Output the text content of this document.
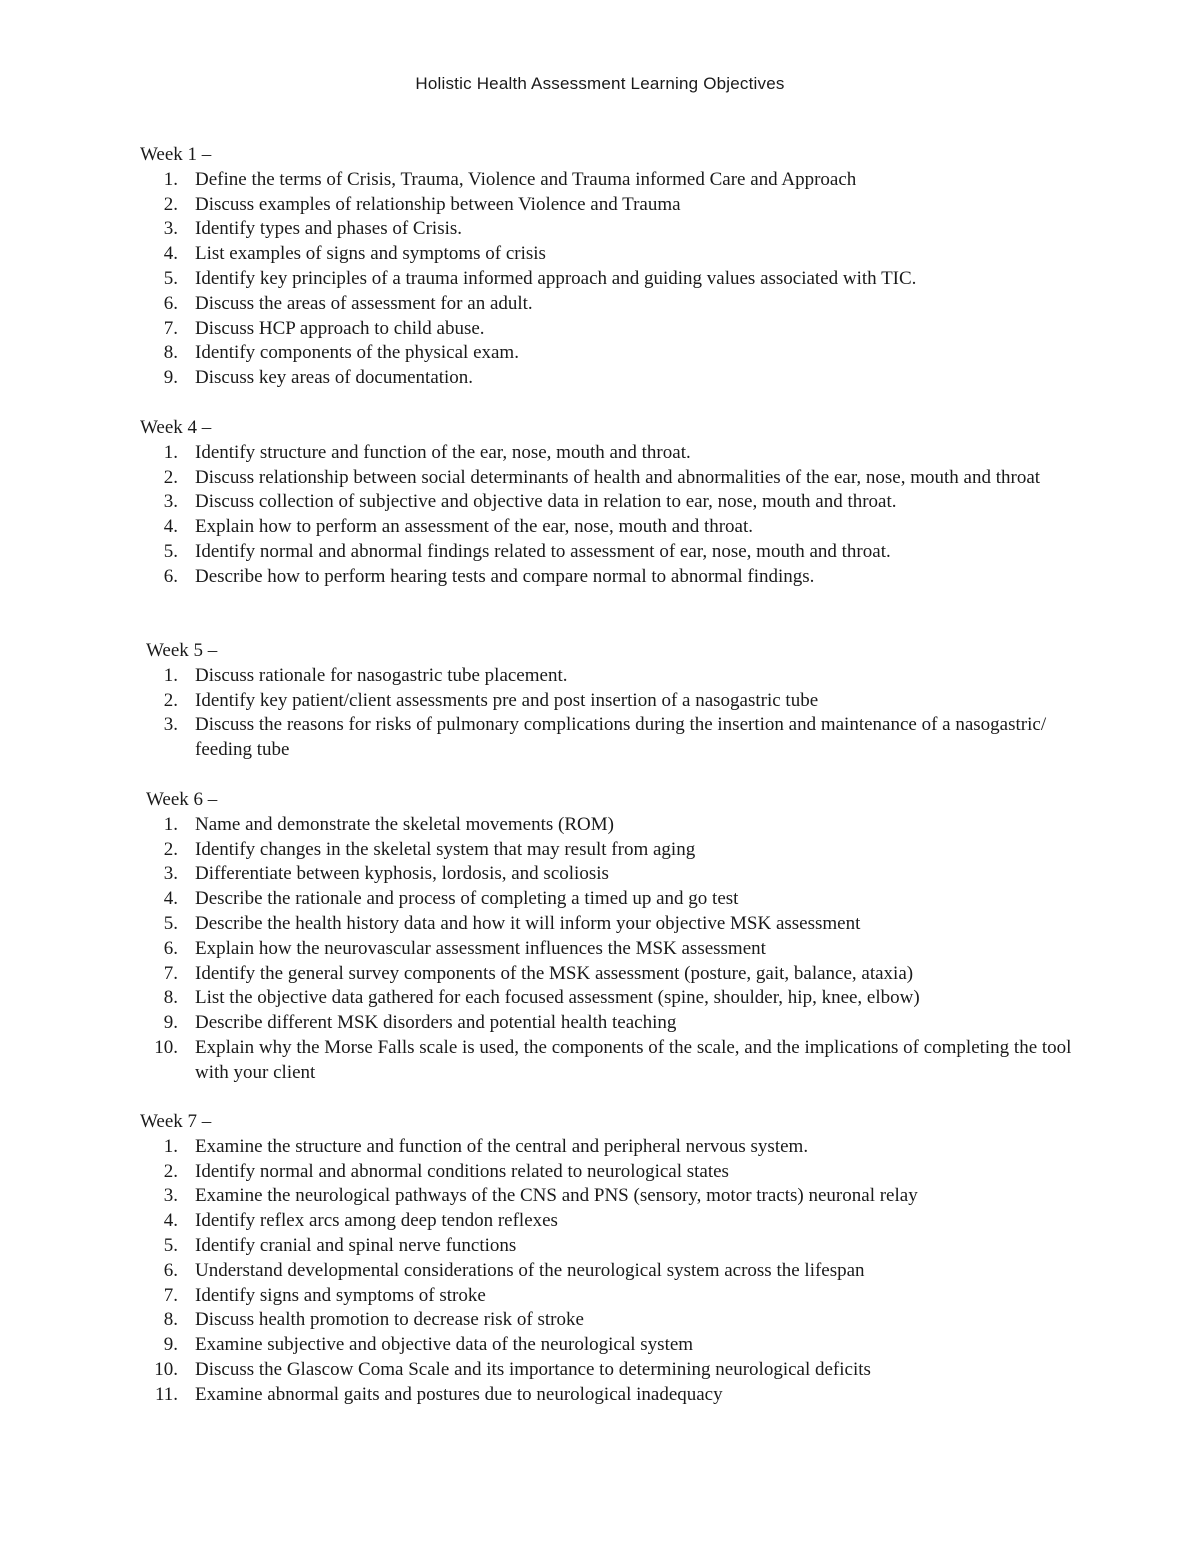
Holistic Health Assessment Learning Objectives

Week 1 –

1. Define the terms of Crisis, Trauma, Violence and Trauma informed Care and Approach
2. Discuss examples of relationship between Violence and Trauma
3. Identify types and phases of Crisis.
4. List examples of signs and symptoms of crisis
5. Identify key principles of a trauma informed approach and guiding values associated with TIC.
6. Discuss the areas of assessment for an adult.
7. Discuss HCP approach to child abuse.
8. Identify components of the physical exam.
9. Discuss key areas of documentation.

Week 4 –

1. Identify structure and function of the ear, nose, mouth and throat.
2. Discuss relationship between social determinants of health and abnormalities of the ear, nose, mouth and throat
3. Discuss collection of subjective and objective data in relation to ear, nose, mouth and throat.
4. Explain how to perform an assessment of the ear, nose, mouth and throat.
5. Identify normal and abnormal findings related to assessment of ear, nose, mouth and throat.
6. Describe how to perform hearing tests and compare normal to abnormal findings.

Week 5 –

1. Discuss rationale for nasogastric tube placement.
2. Identify key patient/client assessments pre and post insertion of a nasogastric tube
3. Discuss the reasons for risks of pulmonary complications during the insertion and maintenance of a nasogastric/ feeding tube

Week 6 –

1. Name and demonstrate the skeletal movements (ROM)
2. Identify changes in the skeletal system that may result from aging
3. Differentiate between kyphosis, lordosis, and scoliosis
4. Describe the rationale and process of completing a timed up and go test
5. Describe the health history data and how it will inform your objective MSK assessment
6. Explain how the neurovascular assessment influences the MSK assessment
7. Identify the general survey components of the MSK assessment (posture, gait, balance, ataxia)
8. List the objective data gathered for each focused assessment (spine, shoulder, hip, knee, elbow)
9. Describe different MSK disorders and potential health teaching
10. Explain why the Morse Falls scale is used, the components of the scale, and the implications of completing the tool with your client

Week 7 –

1. Examine the structure and function of the central and peripheral nervous system.
2. Identify normal and abnormal conditions related to neurological states
3. Examine the neurological pathways of the CNS and PNS (sensory, motor tracts) neuronal relay
4. Identify reflex arcs among deep tendon reflexes
5. Identify cranial and spinal nerve functions
6. Understand developmental considerations of the neurological system across the lifespan
7. Identify signs and symptoms of stroke
8. Discuss health promotion to decrease risk of stroke
9. Examine subjective and objective data of the neurological system
10. Discuss the Glascow Coma Scale and its importance to determining neurological deficits
11. Examine abnormal gaits and postures due to neurological inadequacy
